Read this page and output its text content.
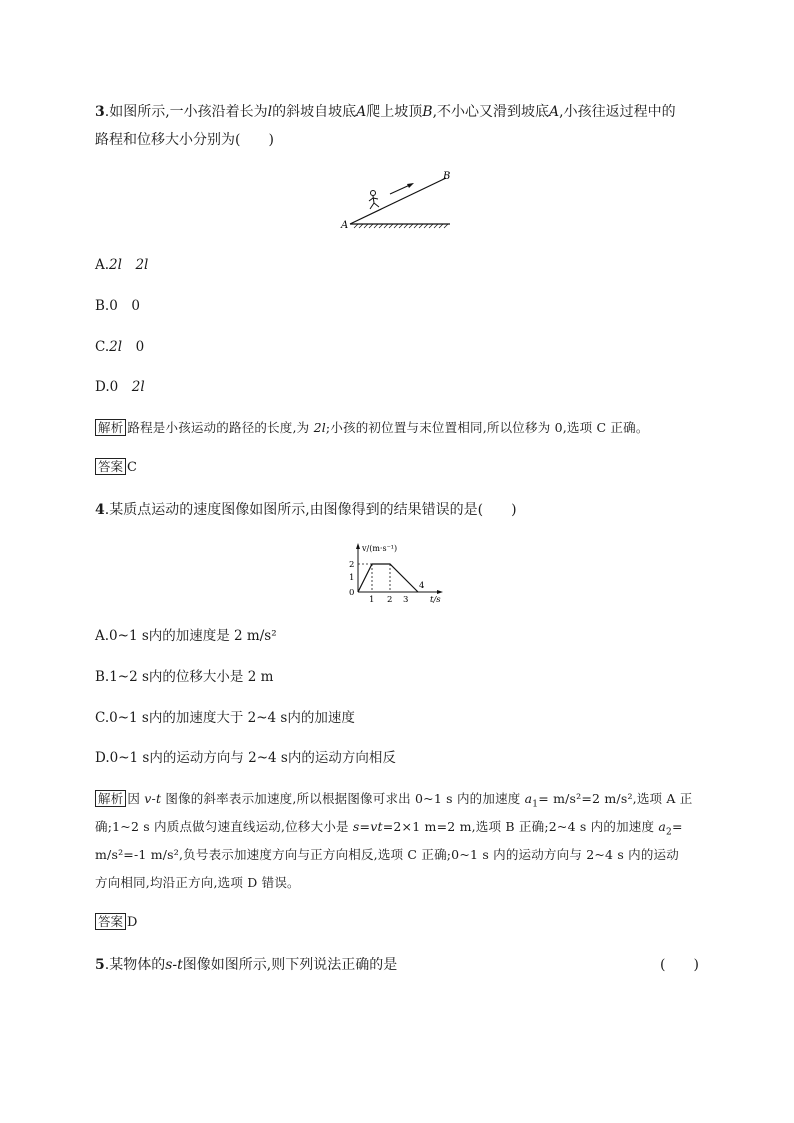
3.如图所示,一小孩沿着长为l的斜坡自坡底A爬上坡顶B,不小心又滑到坡底A,小孩往返过程中的
路程和位移大小分别为(　　)
A
B
A.2l　 2l
B.0　 0
C.2l　 0
D.0　 2l
解析 路程是小孩运动的路径的长度,为 2l;小孩的初位置与末位置相同,所以位移为 0,选项 C 正确。
答案 C
4.某质点运动的速度图像如图所示,由图像得到的结果错误的是(　　)
v/(m·s⁻¹)
2
1
0
1 2 3
4
t/s
A.0~1 s内的加速度是 2 m/s²
B.1~2 s内的位移大小是 2 m
C.0~1 s内的加速度大于 2~4 s内的加速度
D.0~1 s内的运动方向与 2~4 s内的运动方向相反
解析 因 v-t 图像的斜率表示加速度,所以根据图像可求出 0~1 s 内的加速度 $a_1= m/s^2=2$ m/s²,选项 A 正
确;1~2 s 内质点做匀速直线运动,位移大小是 s=vt=2×1 m=2 m,选项 B 正确;2~4 s 内的加速度 $a_2=$
m/s²=-1 m/s²,负号表示加速度方向与正方向相反,选项 C 正确;0~1 s 内的运动方向与 2~4 s 内的运动
方向相同,均沿正方向,选项 D 错误。
答案 D
5.某物体的s-t图像如图所示,则下列说法正确的是	(　　)
